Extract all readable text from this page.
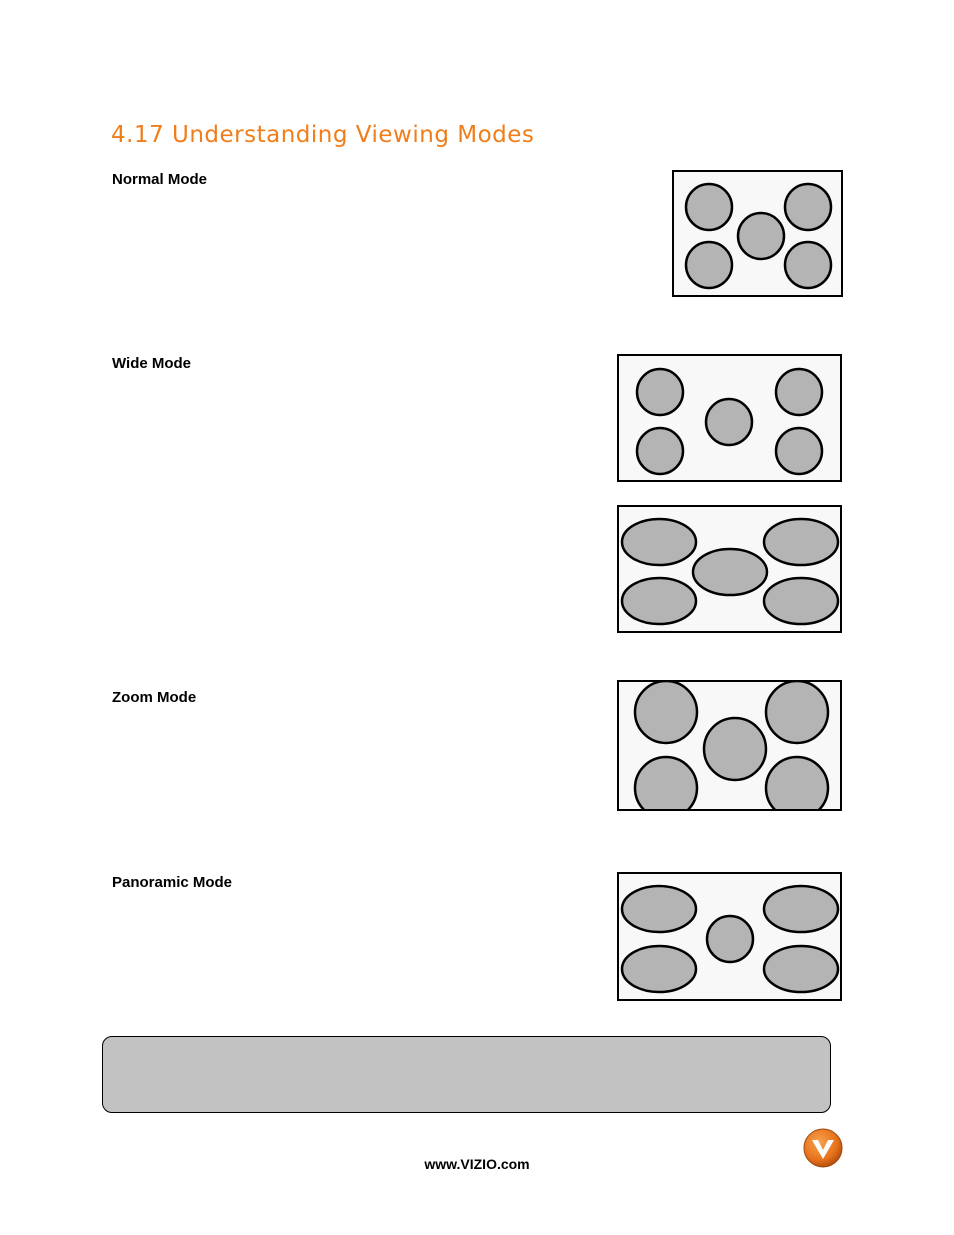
4.17 Understanding Viewing Modes
Normal Mode
Wide Mode
Zoom Mode
Panoramic Mode
www.VIZIO.com
